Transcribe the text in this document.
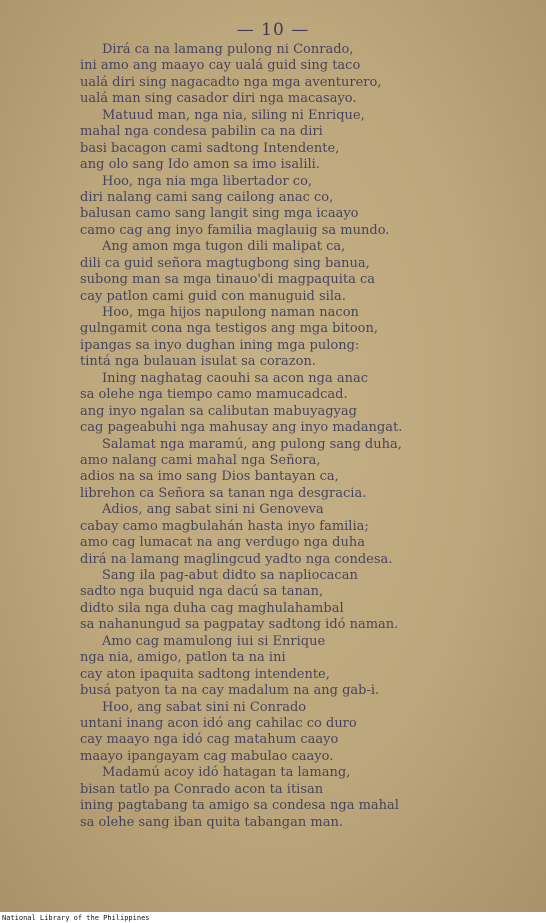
— 10 —
Dirá ca na lamang pulong ni Conrado,
ini amo ang maayo cay ualá guid sing taco
ualá diri sing nagacadto nga mga aventurero,
ualá man sing casador diri nga macasayo.
Matuud man, nga nia, siling ni Enrique,
mahal nga condesa pabilin ca na diri
basi bacagon cami sadtong Intendente,
ang olo sang Ido amon sa imo isalili.
Hoo, nga nia mga libertador co,
diri nalang cami sang cailong anac co,
balusan camo sang langit sing mga icaayo
camo cag ang inyo familia maglauig sa mundo.
Ang amon mga tugon dili malipat ca,
dili ca guid señora magtugbong sing banua,
subong man sa mga tinauo'di magpaquita ca
cay patlon cami guid con manuguid sila.
Hoo, mga hijos napulong naman nacon
gulngamit cona nga testigos ang mga bitoon,
ipangas sa inyo dughan ining mga pulong:
tintá nga bulauan isulat sa corazon.
Ining naghatag caouhi sa acon nga anac
sa olehe nga tiempo camo mamucadcad.
ang inyo ngalan sa calibutan mabuyagyag
cag pageabuhi nga mahusay ang inyo madangat.
Salamat nga maramú, ang pulong sang duha,
amo nalang cami mahal nga Señora,
adios na sa imo sang Dios bantayan ca,
librehon ca Señora sa tanan nga desgracia.
Adios, ang sabat sini ni Genoveva
cabay camo magbulahán hasta inyo familia;
amo cag lumacat na ang verdugo nga duha
dirá na lamang maglingcud yadto nga condesa.
Sang ila pag-abut didto sa napliocacan
sadto nga buquid nga dacú sa tanan,
didto sila nga duha cag maghulahambal
sa nahanungud sa pagpatay sadtong idó naman.
Amo cag mamulong iui si Enrique
nga nia, amigo, patlon ta na ini
cay aton ipaquita sadtong intendente,
busá patyon ta na cay madalum na ang gab-i.
Hoo, ang sabat sini ni Conrado
untani inang acon idó ang cahilac co duro
cay maayo nga idó cag matahum caayo
maayo ipangayam cag mabulao caayo.
Madamú acoy idó hatagan ta lamang,
bisan tatlo pa Conrado acon ta itisan
ining pagtabang ta amigo sa condesa nga mahal
sa olehe sang iban quita tabangan man.
National Library of the Philippines
